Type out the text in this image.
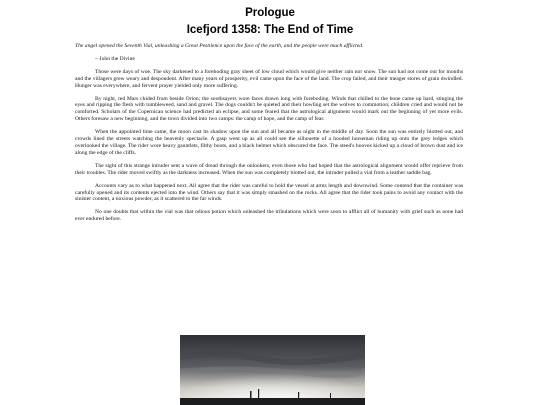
Prologue
Icefjord 1358: The End of Time

The angel opened the Seventh Vial, unleashing a Great Pestilence upon the face of the earth, and the people were much afflicted.

~ John the Divine

Those were days of woe. The sky darkened to a foreboding gray sheet of low cloud which would give neither rain nor snow. The sun had not come out for months and the villagers grew weary and despondent. After many years of prosperity, evil came upon the face of the land. The crop failed, and their meager stores of grain dwindled. Hunger was everywhere, and fervent prayer yielded only more suffering.

By night, red Mars chided from beside Orion; the soothsayers wore faces drawn long with foreboding. Winds that chilled to the bone came up hard, stinging the eyes and ripping the flesh with tumbleweed, sand and gravel. The dogs couldn't be quieted and their howling set the wolves to commotion; children cried and would not be comforted. Scholars of the Copernican science had predicted an eclipse, and some feared that the astrological alignment would mark out the beginning of yet more evils. Others foresaw a new beginning, and the town divided into two camps: the camp of hope, and the camp of fear.

When the appointed time came, the moon cast its shadow upon the sun and all became as night in the middle of day. Soon the sun was entirely blotted out, and crowds lined the streets watching the heavenly spectacle. A gasp went up as all could see the silhouette of a hooded horseman riding up onto the grey ledges which overlooked the village. The rider wore heavy gauntlets, filthy boots, and a black helmet which obscured the face. The steed's hooves kicked up a cloud of brown dust and ice along the edge of the cliffs.

The sight of this strange intruder sent a wave of dread through the onlookers, even those who had hoped that the astrological alignment would offer reprieve from their troubles. The rider moved swiftly as the darkness increased. When the sun was completely blotted out, the intruder pulled a vial from a leather saddle bag.

Accounts vary as to what happened next. All agree that the rider was careful to hold the vessel at arms length and downwind. Some contend that the container was carefully opened and its contents ejected into the wind. Others say that it was simply smashed on the rocks. All agree that the rider took pains to avoid any contact with the sinister content, a noxious powder, as it scattered to the far winds.

No one doubts that within the vial was that odious potion which unleashed the tribulations which were soon to afflict all of humanity with grief such as none had ever endured before.
